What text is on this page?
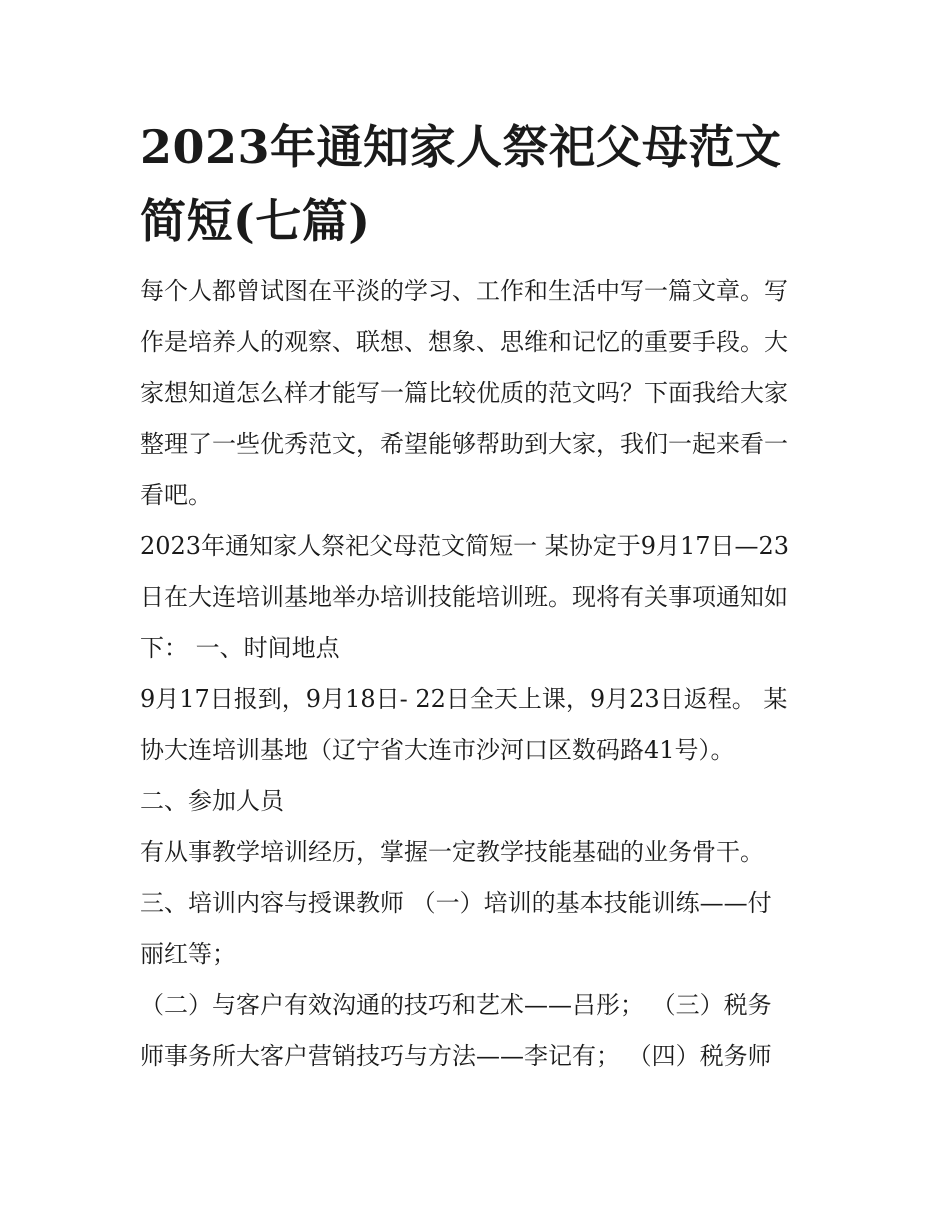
2023年通知家人祭祀父母范文
简短(七篇)
每个人都曾试图在平淡的学习、工作和生活中写一篇文章。写
作是培养人的观察、联想、想象、思维和记忆的重要手段。大
家想知道怎么样才能写一篇比较优质的范文吗？下面我给大家
整理了一些优秀范文，希望能够帮助到大家，我们一起来看一
看吧。
2023年通知家人祭祀父母范文简短一 某协定于9月17日—23
日在大连培训基地举办培训技能培训班。现将有关事项通知如
下： 一、时间地点
9月17日报到，9月18日- 22日全天上课，9月23日返程。 某
协大连培训基地（辽宁省大连市沙河口区数码路41号）。
二、参加人员
有从事教学培训经历，掌握一定教学技能基础的业务骨干。
三、培训内容与授课教师 （一）培训的基本技能训练——付
丽红等；
（二）与客户有效沟通的技巧和艺术——吕彤； （三）税务
师事务所大客户营销技巧与方法——李记有； （四）税务师
